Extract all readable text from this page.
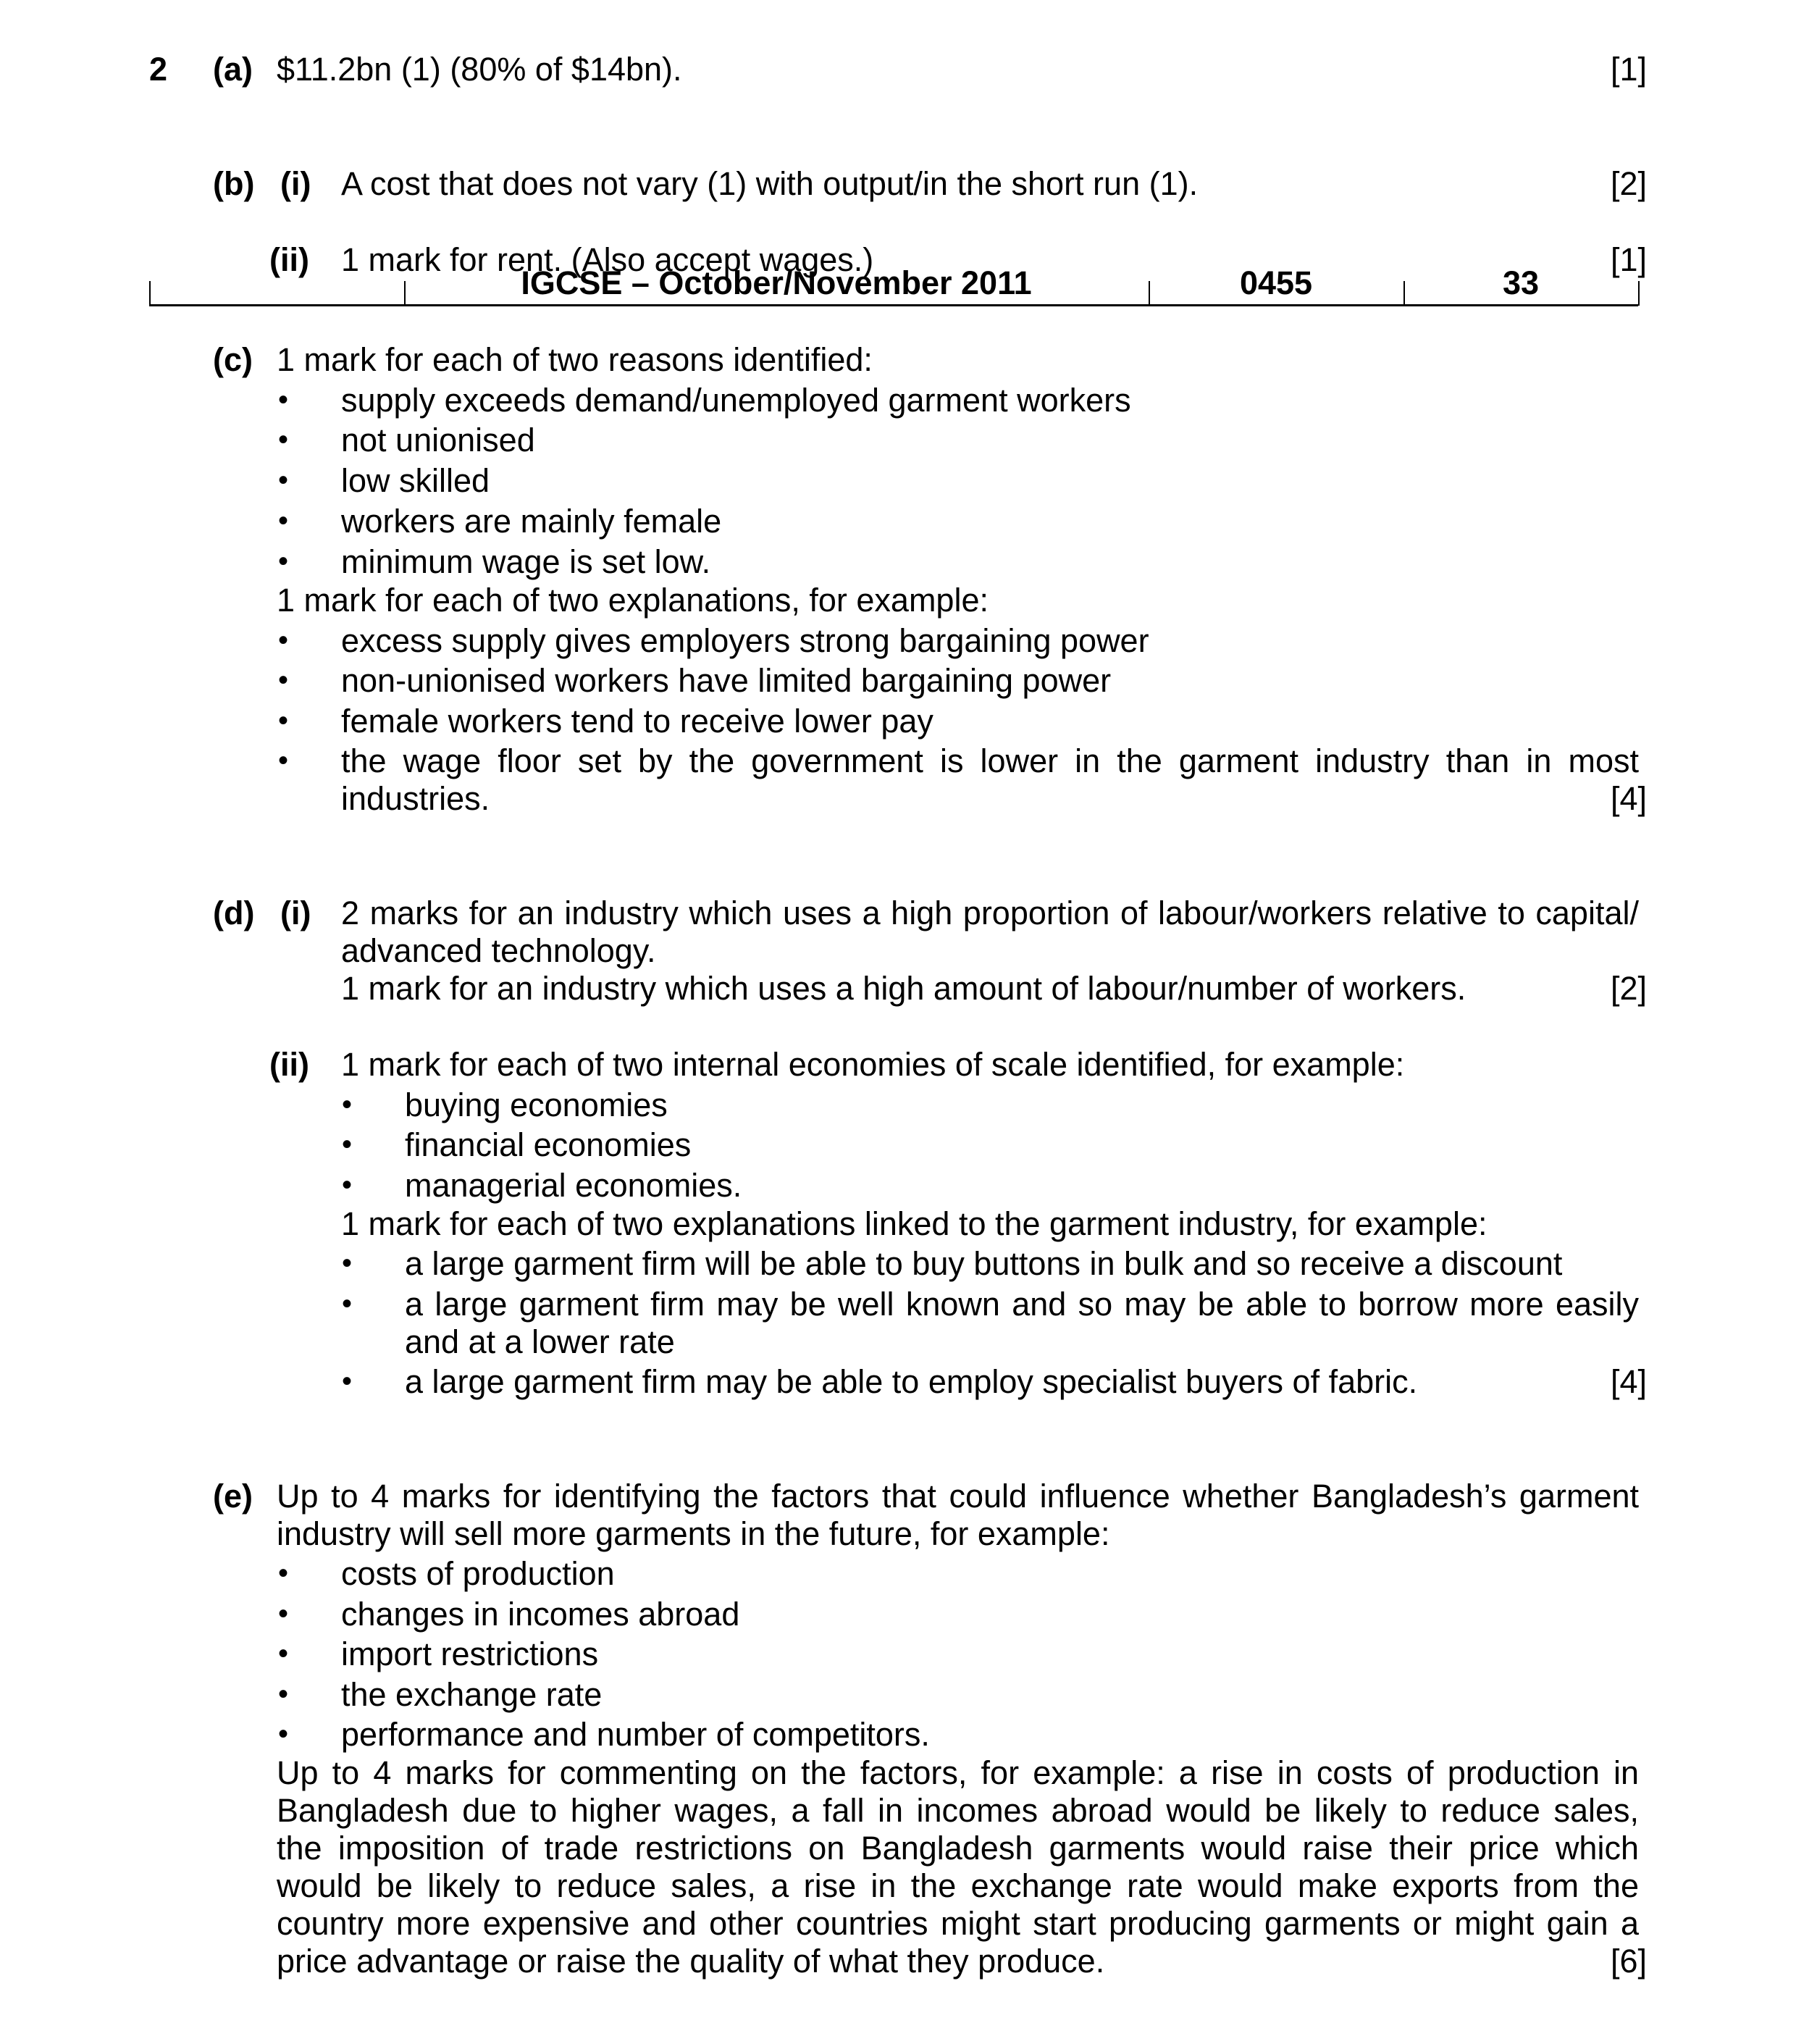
2 (a) $11.2bn (1) (80% of $14bn).	[1]
(b) (i) A cost that does not vary (1) with output/in the short run (1).	[2]
(ii) 1 mark for rent. (Also accept wages.)	[1]
IGCSE – October/November 2011	0455	33
(c) 1 mark for each of two reasons identified:
• supply exceeds demand/unemployed garment workers
• not unionised
• low skilled
• workers are mainly female
• minimum wage is set low.
1 mark for each of two explanations, for example:
• excess supply gives employers strong bargaining power
• non-unionised workers have limited bargaining power
• female workers tend to receive lower pay
• the wage floor set by the government is lower in the garment industry than in most
industries.	[4]
(d) (i) 2 marks for an industry which uses a high proportion of labour/workers relative to capital/
advanced technology.
1 mark for an industry which uses a high amount of labour/number of workers.	[2]
(ii) 1 mark for each of two internal economies of scale identified, for example:
• buying economies
• financial economies
• managerial economies.
1 mark for each of two explanations linked to the garment industry, for example:
• a large garment firm will be able to buy buttons in bulk and so receive a discount
• a large garment firm may be well known and so may be able to borrow more easily
and at a lower rate
• a large garment firm may be able to employ specialist buyers of fabric.	[4]
(e) Up to 4 marks for identifying the factors that could influence whether Bangladesh’s garment
industry will sell more garments in the future, for example:
• costs of production
• changes in incomes abroad
• import restrictions
• the exchange rate
• performance and number of competitors.
Up to 4 marks for commenting on the factors, for example: a rise in costs of production in
Bangladesh due to higher wages, a fall in incomes abroad would be likely to reduce sales,
the imposition of trade restrictions on Bangladesh garments would raise their price which
would be likely to reduce sales, a rise in the exchange rate would make exports from the
country more expensive and other countries might start producing garments or might gain a
price advantage or raise the quality of what they produce.	[6]
